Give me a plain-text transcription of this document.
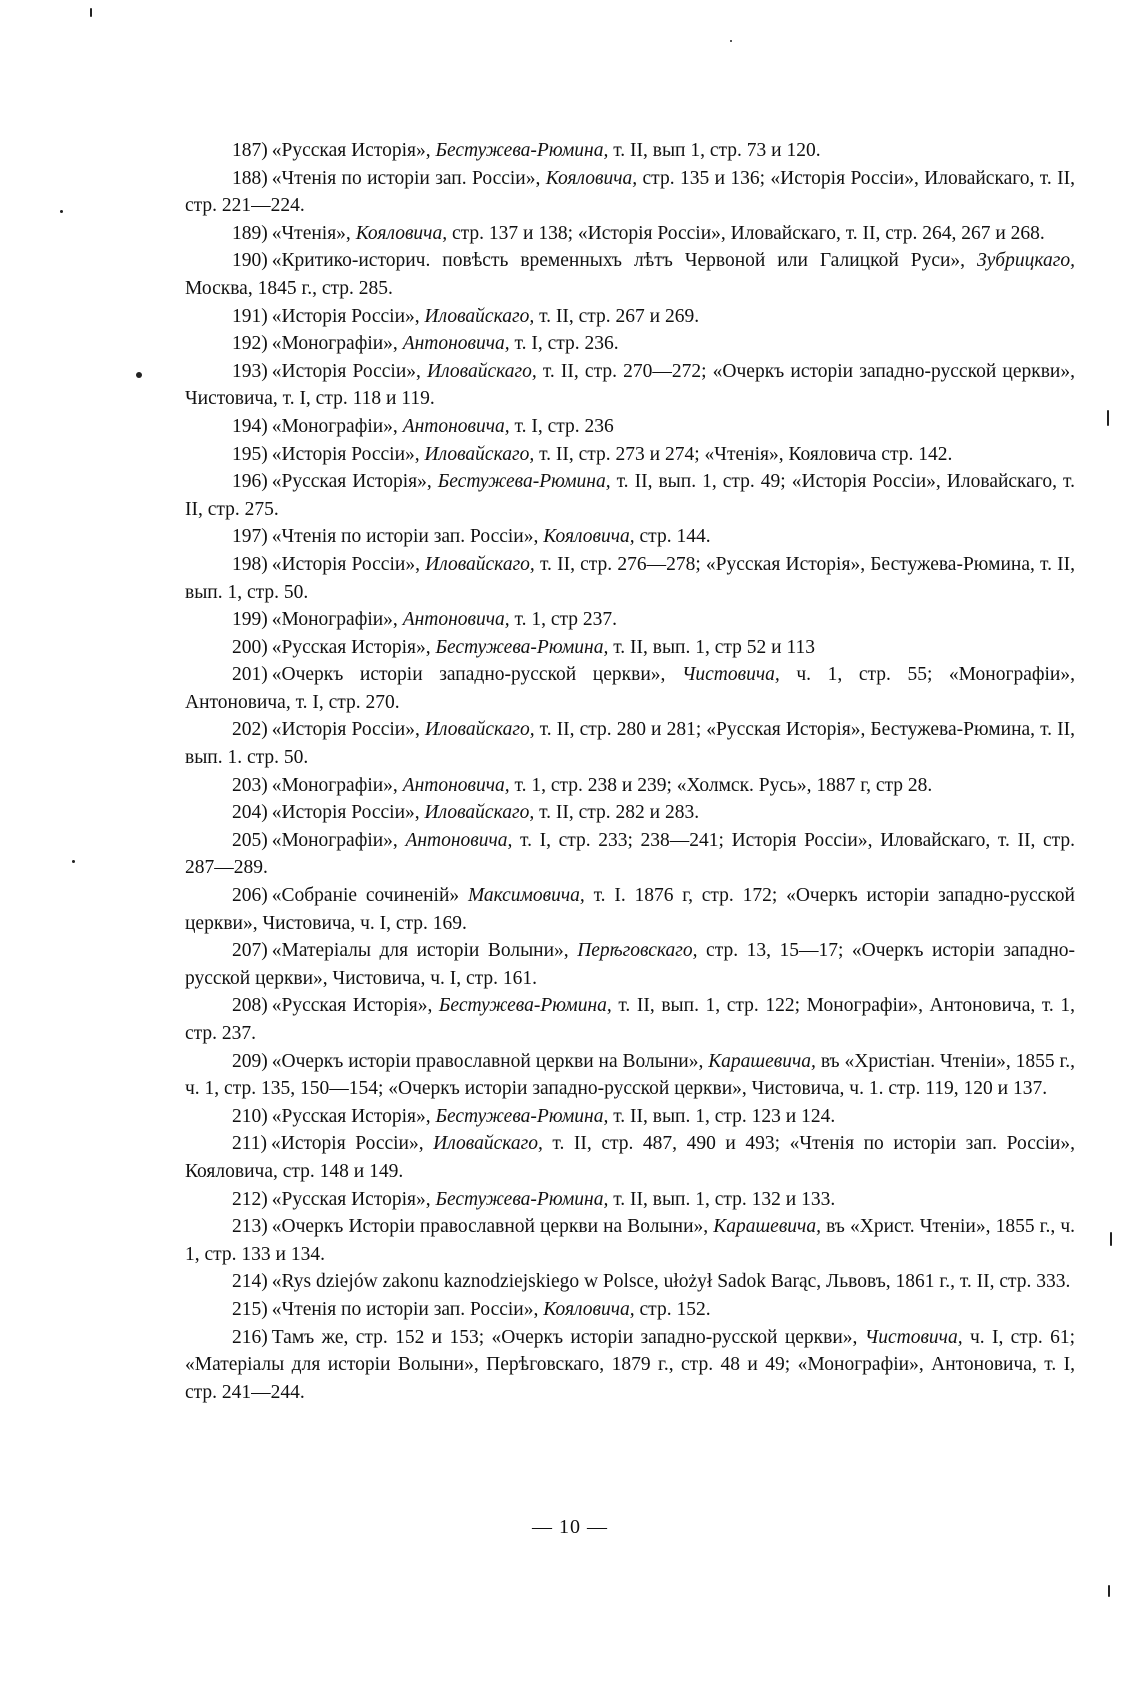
187) «Русская Исторія», Бестужева-Рюмина, т. II, вып 1, стр. 73 и 120.
188) «Чтенія по исторіи зап. Россіи», Кояловича, стр. 135 и 136; «Исторія Россіи», Иловайскаго, т. II, стр. 221—224.
189) «Чтенія», Кояловича, стр. 137 и 138; «Исторія Россіи», Иловайскаго, т. II, стр. 264, 267 и 268.
190) «Критико-историч. повѣсть временныхъ лѣтъ Червоной или Галицкой Руси», Зубрицкаго, Москва, 1845 г., стр. 285.
191) «Исторія Россіи», Иловайскаго, т. II, стр. 267 и 269.
192) «Монографіи», Антоновича, т. I, стр. 236.
193) «Исторія Россіи», Иловайскаго, т. II, стр. 270—272; «Очеркъ исторіи западно-русской церкви», Чистовича, т. I, стр. 118 и 119.
194) «Монографіи», Антоновича, т. I, стр. 236
195) «Исторія Россіи», Иловайскаго, т. II, стр. 273 и 274; «Чтенія», Кояловича стр. 142.
196) «Русская Исторія», Бестужева-Рюмина, т. II, вып. 1, стр. 49; «Исторія Россіи», Иловайскаго, т. II, стр. 275.
197) «Чтенія по исторіи зап. Россіи», Кояловича, стр. 144.
198) «Исторія Россіи», Иловайскаго, т. II, стр. 276—278; «Русская Исторія», Бестужева-Рюмина, т. II, вып. 1, стр. 50.
199) «Монографіи», Антоновича, т. 1, стр 237.
200) «Русская Исторія», Бестужева-Рюмина, т. II, вып. 1, стр 52 и 113
201) «Очеркъ исторіи западно-русской церкви», Чистовича, ч. 1, стр. 55; «Монографіи», Антоновича, т. I, стр. 270.
202) «Исторія Россіи», Иловайскаго, т. II, стр. 280 и 281; «Русская Исторія», Бестужева-Рюмина, т. II, вып. 1. стр. 50.
203) «Монографіи», Антоновича, т. 1, стр. 238 и 239; «Холмск. Русь», 1887 г, стр 28.
204) «Исторія Россіи», Иловайскаго, т. II, стр. 282 и 283.
205) «Монографіи», Антоновича, т. I, стр. 233; 238—241; Исторія Россіи», Иловайскаго, т. II, стр. 287—289.
206) «Собраніе сочиненій» Максимовича, т. I. 1876 г, стр. 172; «Очеркъ исторіи западно-русской церкви», Чистовича, ч. I, стр. 169.
207) «Матеріалы для исторіи Волыни», Перѣговскаго, стр. 13, 15—17; «Очеркъ исторіи западно-русской церкви», Чистовича, ч. I, стр. 161.
208) «Русская Исторія», Бестужева-Рюмина, т. II, вып. 1, стр. 122; Монографіи», Антоновича, т. 1, стр. 237.
209) «Очеркъ исторіи православной церкви на Волыни», Карашевича, въ «Христіан. Чтеніи», 1855 г., ч. 1, стр. 135, 150—154; «Очеркъ исторіи западно-русской церкви», Чистовича, ч. 1. стр. 119, 120 и 137.
210) «Русская Исторія», Бестужева-Рюмина, т. II, вып. 1, стр. 123 и 124.
211) «Исторія Россіи», Иловайскаго, т. II, стр. 487, 490 и 493; «Чтенія по исторіи зап. Россіи», Кояловича, стр. 148 и 149.
212) «Русская Исторія», Бестужева-Рюмина, т. II, вып. 1, стр. 132 и 133.
213) «Очеркъ Исторіи православной церкви на Волыни», Карашевича, въ «Христ. Чтеніи», 1855 г., ч. 1, стр. 133 и 134.
214) «Rys dziejów zakonu kaznodziejskiego w Polsce, ułożył Sadok Barąc, Львовъ, 1861 г., т. II, стр. 333.
215) «Чтенія по исторіи зап. Россіи», Кояловича, стр. 152.
216) Тамъ же, стр. 152 и 153; «Очеркъ исторіи западно-русской церкви», Чистовича, ч. I, стр. 61; «Матеріалы для исторіи Волыни», Перѣговскаго, 1879 г., стр. 48 и 49; «Монографіи», Антоновича, т. I, стр. 241—244.
— 10 —
